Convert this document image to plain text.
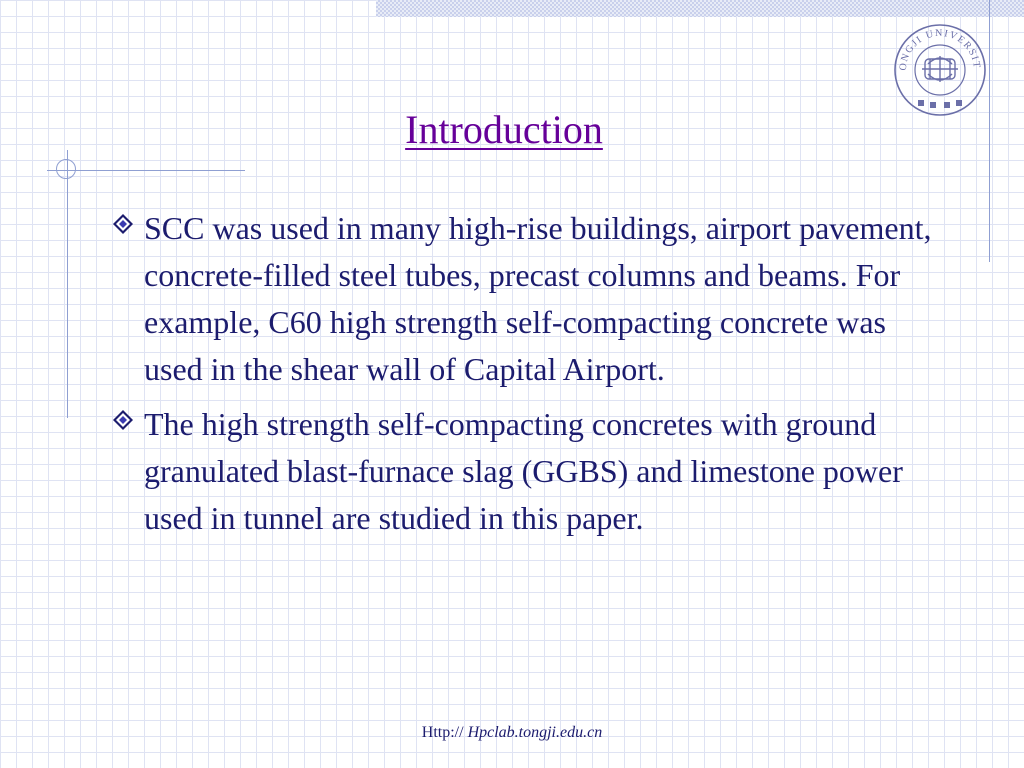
ONGJI UNIVERSIT
Introduction
SCC was used in many high-rise buildings, airport pavement, concrete-filled steel tubes, precast columns and beams. For example, C60 high strength self-compacting concrete was used in the shear wall of Capital Airport.
The high strength self-compacting concretes with ground granulated blast-furnace slag (GGBS) and limestone power used in tunnel are studied in this paper.
Http:// Hpclab.tongji.edu.cn
